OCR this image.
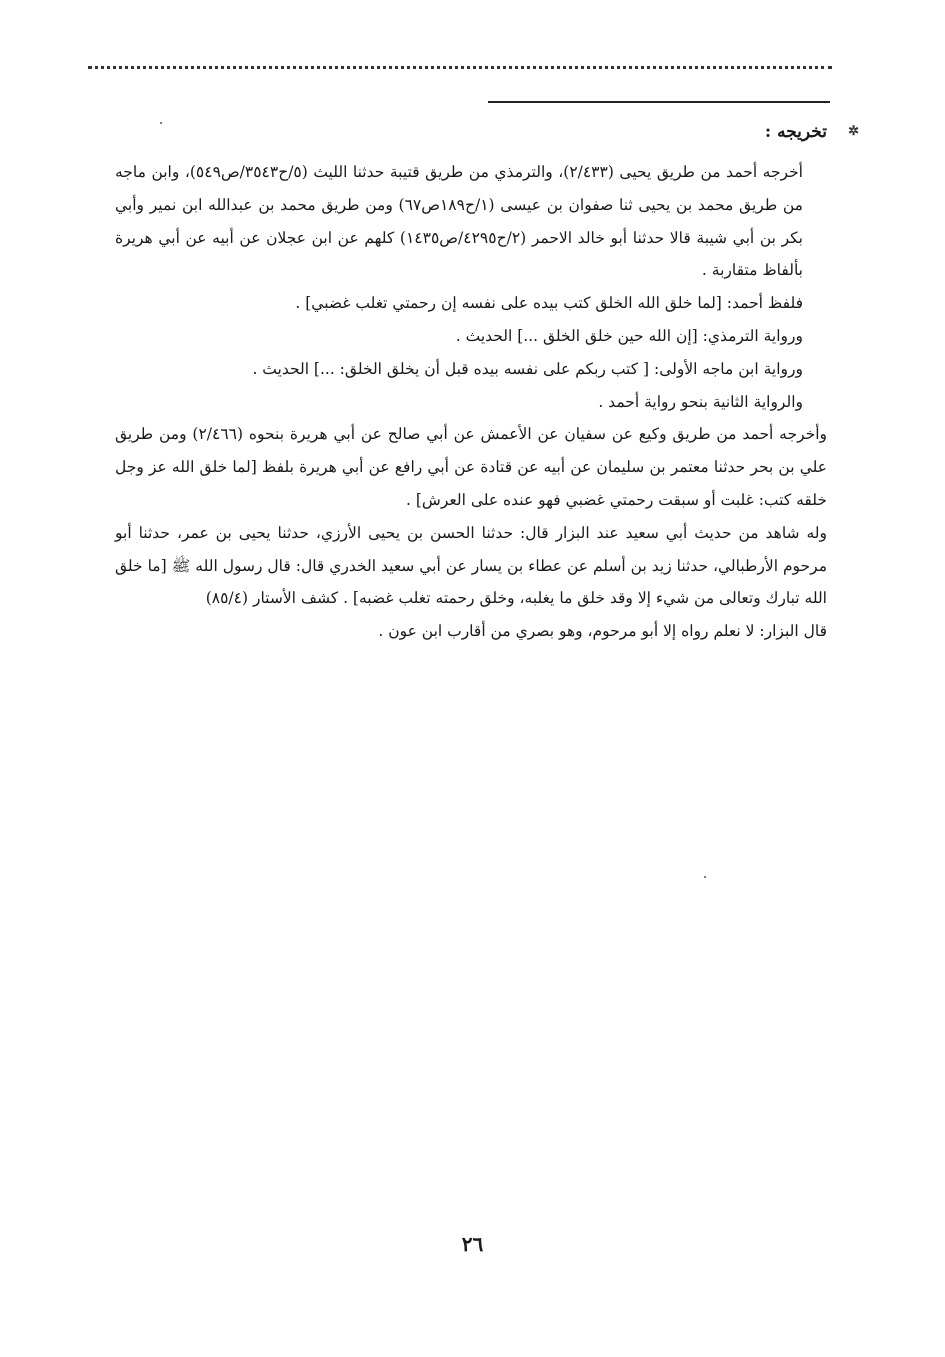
✲
تخريجه :

أخرجه أحمد من طريق يحيى (٢/٤٣٣)، والترمذي من طريق قتيبة حدثنا الليث (٥/ح٣٥٤٣/ص٥٤٩)، وابن ماجه من طريق محمد بن يحيى ثنا صفوان بن عيسى (١/ح١٨٩ص٦٧) ومن طريق محمد بن عبدالله ابن نمير وأبي بكر بن أبي شيبة قالا حدثنا أبو خالد الاحمر (٢/ح٤٢٩٥/ص١٤٣٥) كلهم عن ابن عجلان عن أبيه عن أبي هريرة بألفاظ متقاربة .

فلفظ أحمد: [لما خلق الله الخلق كتب بيده على نفسه إن رحمتي تغلب غضبي] .

ورواية الترمذي: [إن الله حين خلق الخلق ...] الحديث .

ورواية ابن ماجه الأولى: [ كتب ربكم على نفسه بيده قبل أن يخلق الخلق: ...] الحديث .

والرواية الثانية بنحو رواية أحمد .

وأخرجه أحمد من طريق وكيع عن سفيان عن الأعمش عن أبي صالح عن أبي هريرة بنحوه (٢/٤٦٦) ومن طريق علي بن بحر حدثنا معتمر بن سليمان عن أبيه عن قتادة عن أبي رافع عن أبي هريرة بلفظ [لما خلق الله عز وجل خلقه كتب: غلبت أو سبقت رحمتي غضبي فهو عنده على العرش] .

وله شاهد من حديث أبي سعيد عند البزار قال: حدثنا الحسن بن يحيى الأرزي، حدثنا يحيى بن عمر، حدثنا أبو مرحوم الأرطبالي، حدثنا زيد بن أسلم عن عطاء بن يسار عن أبي سعيد الخدري قال: قال رسول الله ﷺ [ما خلق الله تبارك وتعالى من شيء إلا وقد خلق ما يغلبه، وخلق رحمته تغلب غضبه] . كشف الأستار (٨٥/٤)

قال البزار: لا نعلم رواه إلا أبو مرحوم، وهو بصري من أقارب ابن عون .

٢٦
